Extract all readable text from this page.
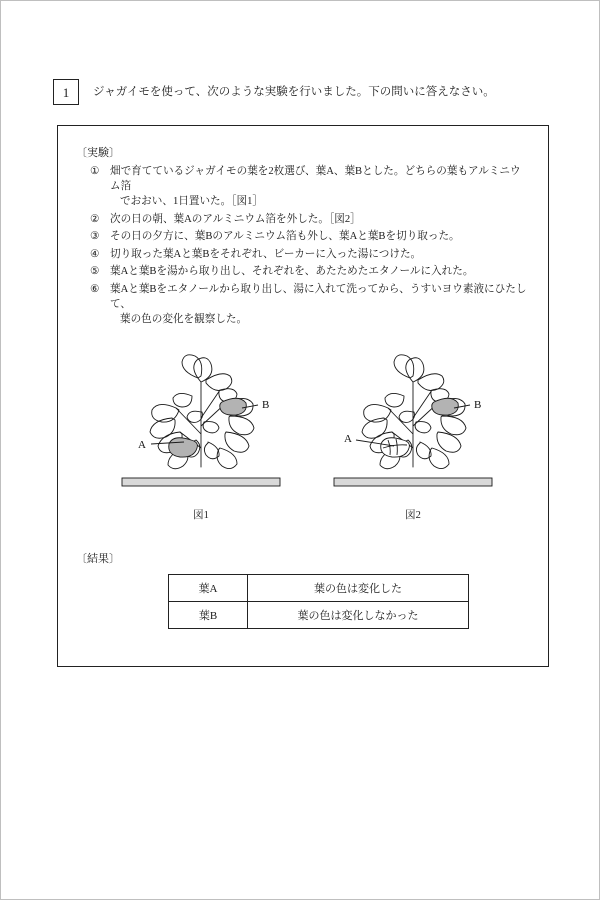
1	ジャガイモを使って、次のような実験を行いました。下の問いに答えなさい。
〔実験〕
① 畑で育てているジャガイモの葉を2枚選び、葉A、葉Bとした。どちらの葉もアルミニウム箔
でおおい、1日置いた。［図1］
② 次の日の朝、葉Aのアルミニウム箔を外した。［図2］
③ その日の夕方に、葉Bのアルミニウム箔も外し、葉Aと葉Bを切り取った。
④ 切り取った葉Aと葉Bをそれぞれ、ビーカーに入った湯につけた。
⑤ 葉Aと葉Bを湯から取り出し、それぞれを、あたためたエタノールに入れた。
⑥ 葉Aと葉Bをエタノールから取り出し、湯に入れて洗ってから、うすいヨウ素液にひたして、
葉の色の変化を観察した。
A
B
図1
A
B
図2
〔結果〕
葉A	葉の色は変化した
葉B	葉の色は変化しなかった
